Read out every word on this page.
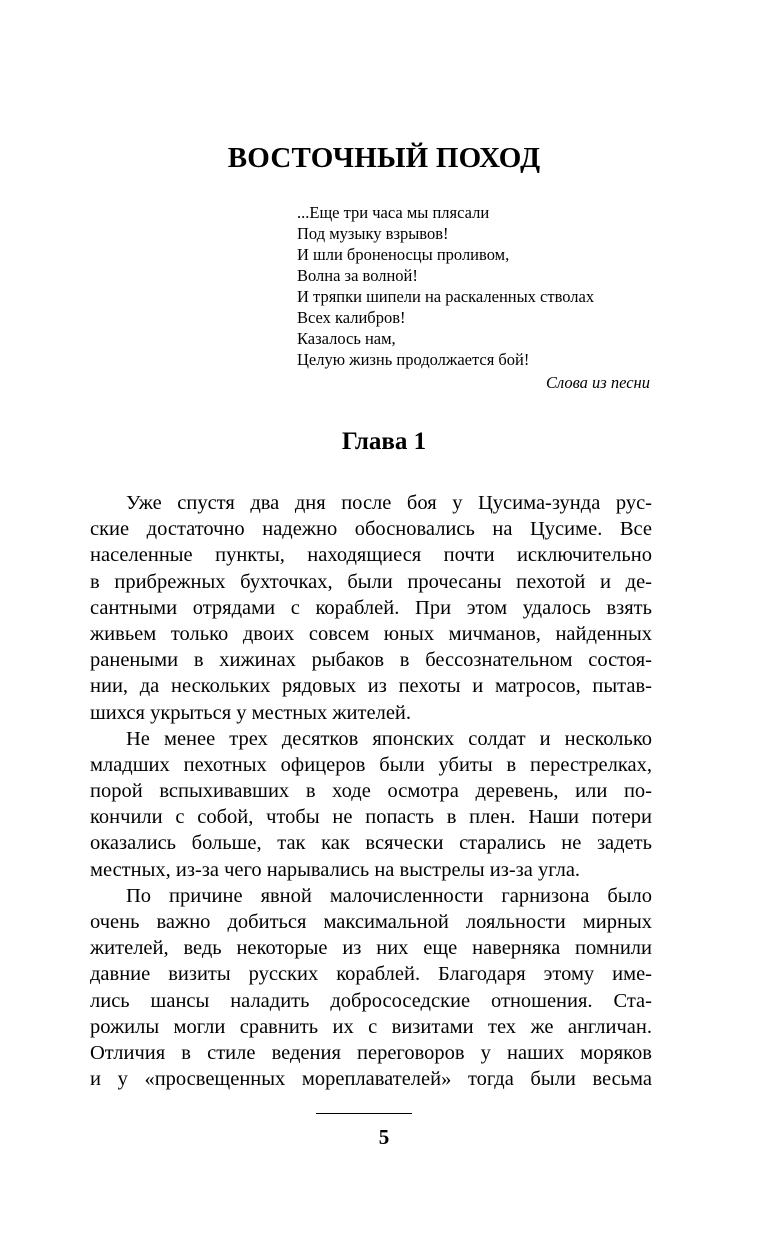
ВОСТОЧНЫЙ ПОХОД
...Еще три часа мы плясали
Под музыку взрывов!
И шли броненосцы проливом,
Волна за волной!
И тряпки шипели на раскаленных стволах
Всех калибров!
Казалось нам,
Целую жизнь продолжается бой!
Слова из песни
Глава 1
Уже спустя два дня после боя у Цусима-зунда рус-
ские достаточно надежно обосновались на Цусиме. Все
населенные пункты, находящиеся почти исключительно
в прибрежных бухточках, были прочесаны пехотой и де-
сантными отрядами с кораблей. При этом удалось взять
живьем только двоих совсем юных мичманов, найденных
ранеными в хижинах рыбаков в бессознательном состоя-
нии, да нескольких рядовых из пехоты и матросов, пытав-
шихся укрыться у местных жителей.
Не менее трех десятков японских солдат и несколько
младших пехотных офицеров были убиты в перестрелках,
порой вспыхивавших в ходе осмотра деревень, или по-
кончили с собой, чтобы не попасть в плен. Наши потери
оказались больше, так как всячески старались не задеть
местных, из-за чего нарывались на выстрелы из-за угла.
По причине явной малочисленности гарнизона было
очень важно добиться максимальной лояльности мирных
жителей, ведь некоторые из них еще наверняка помнили
давние визиты русских кораблей. Благодаря этому име-
лись шансы наладить добрососедские отношения. Ста-
рожилы могли сравнить их с визитами тех же англичан.
Отличия в стиле ведения переговоров у наших моряков
и у «просвещенных мореплавателей» тогда были весьма
5
